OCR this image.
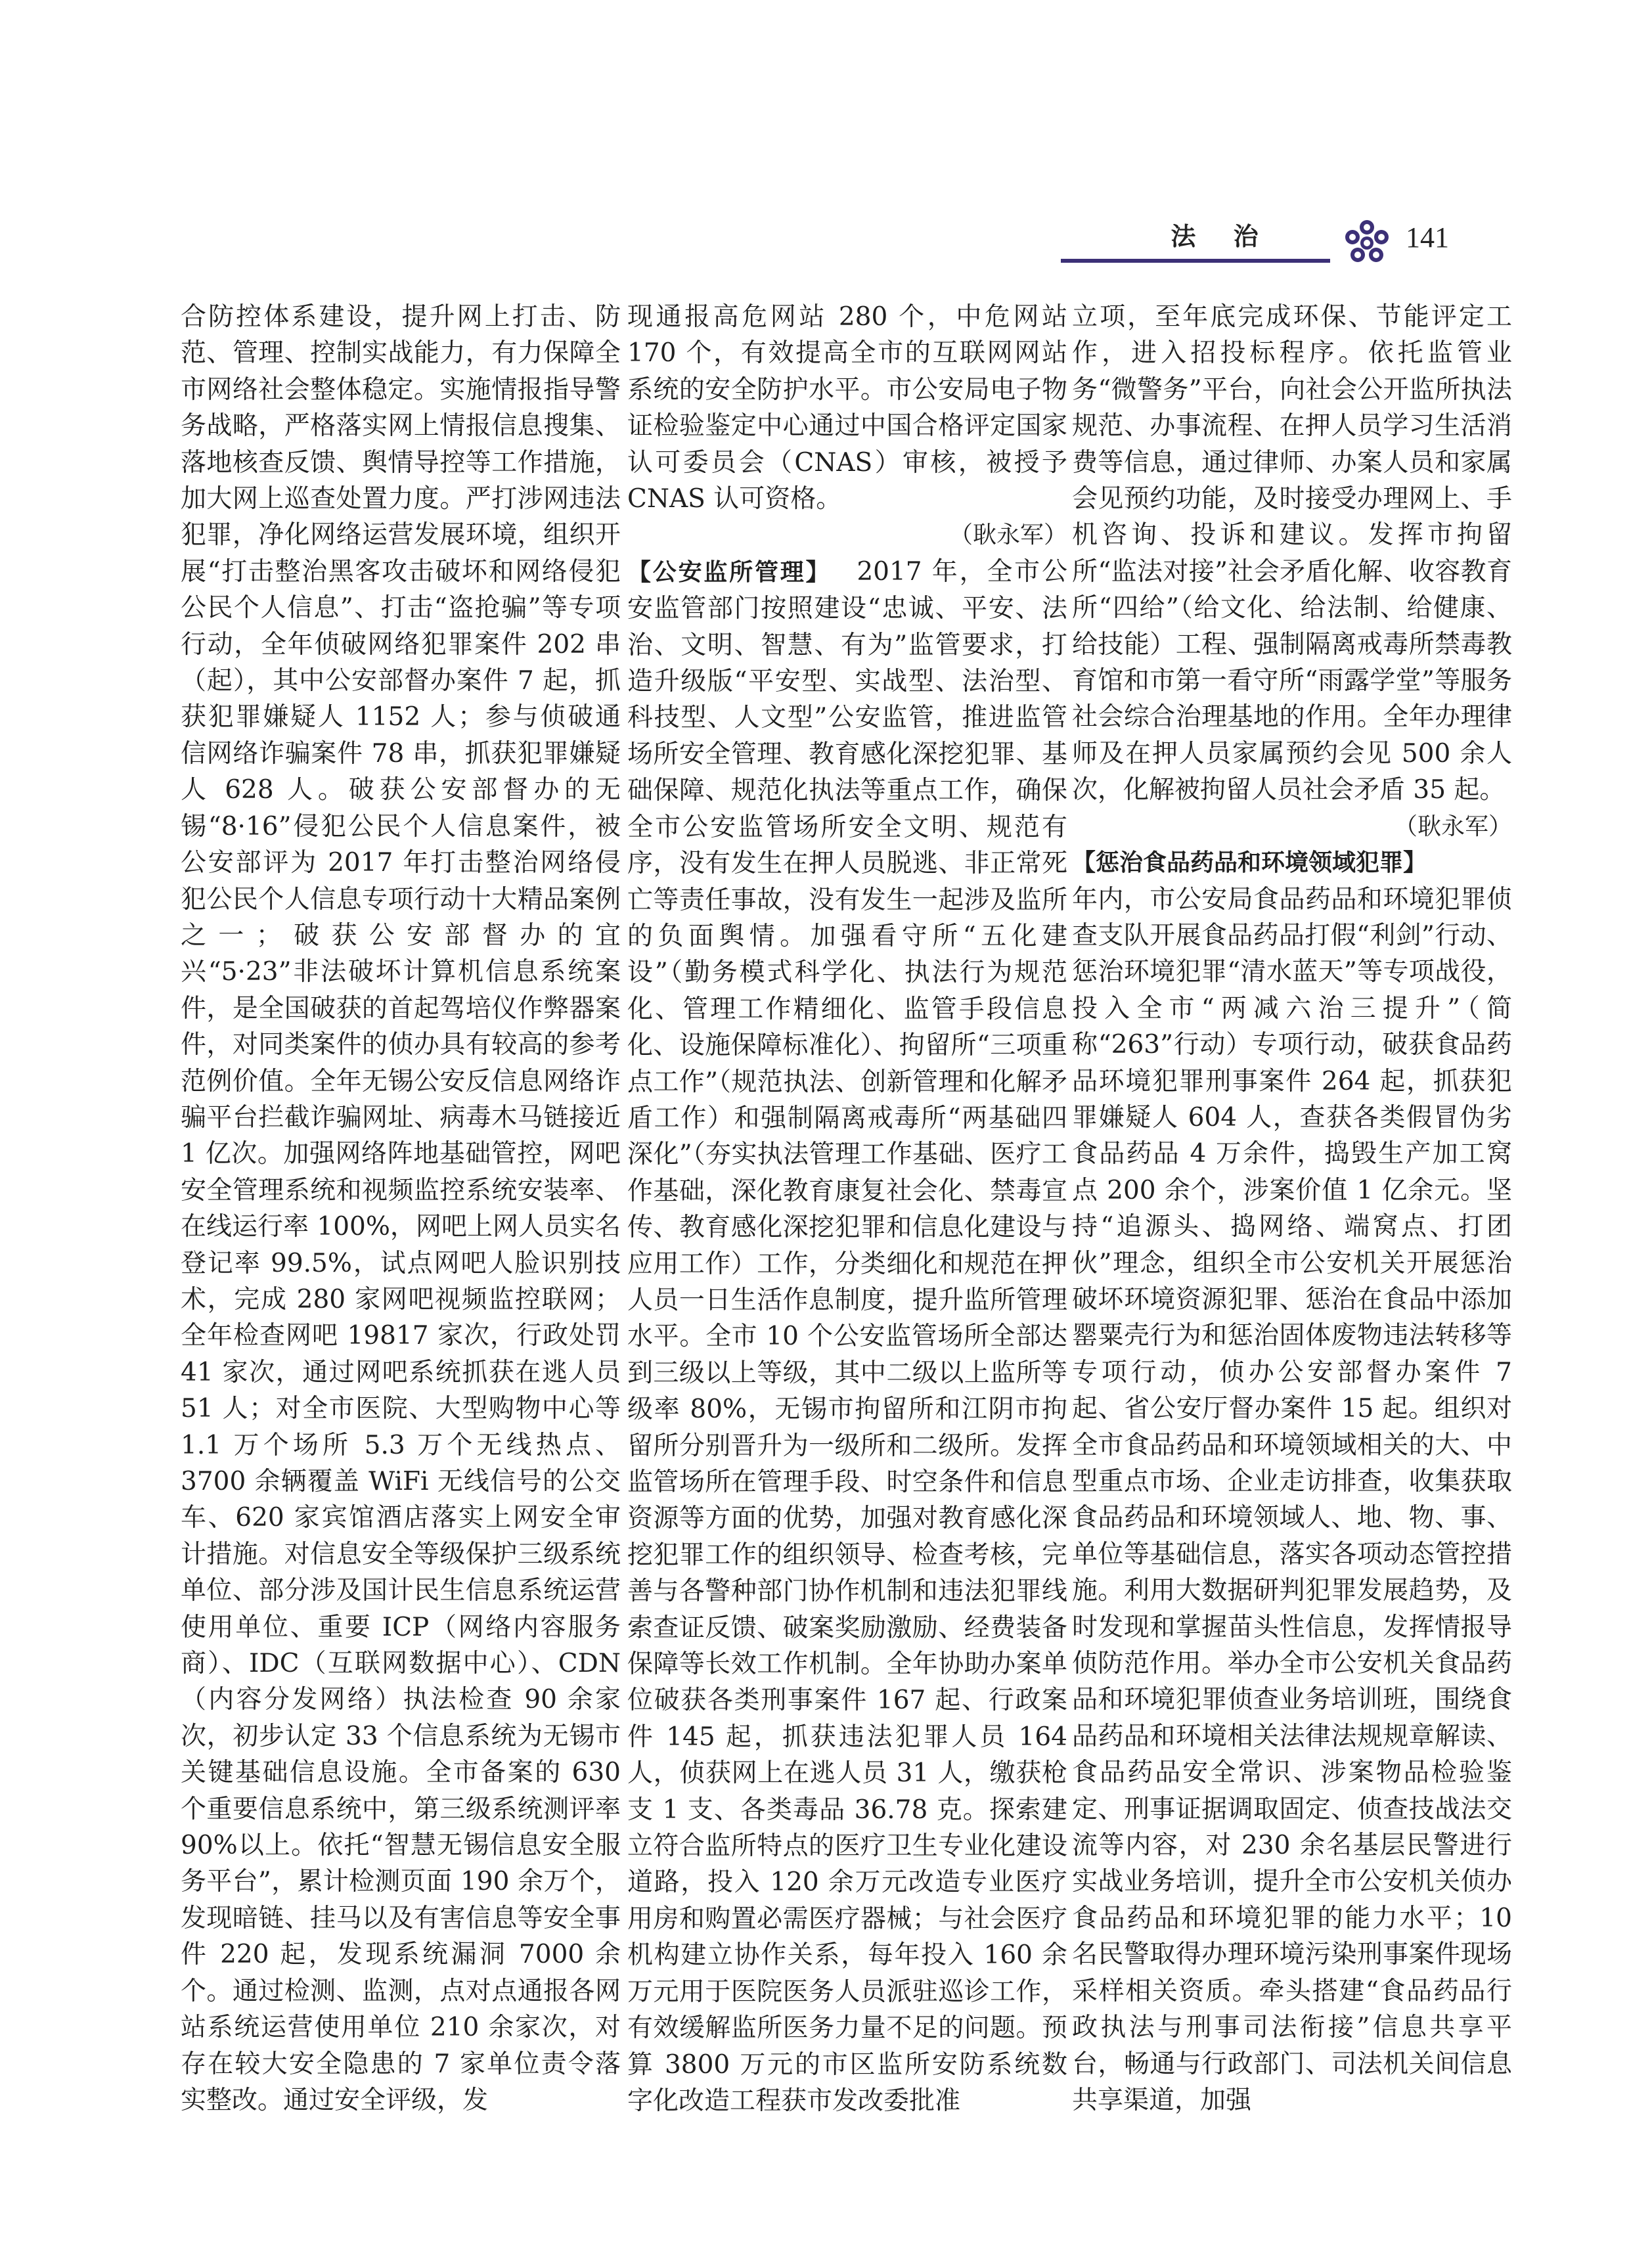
法 治	141

合防控体系建设，提升网上打击、防范、管理、控制实战能力，有力保障全市网络社会整体稳定。实施情报指导警务战略，严格落实网上情报信息搜集、落地核查反馈、舆情导控等工作措施，加大网上巡查处置力度。严打涉网违法犯罪，净化网络运营发展环境，组织开展“打击整治黑客攻击破坏和网络侵犯公民个人信息”、打击“盗抢骗”等专项行动，全年侦破网络犯罪案件 202 串（起），其中公安部督办案件 7 起，抓获犯罪嫌疑人 1152 人；参与侦破通信网络诈骗案件 78 串，抓获犯罪嫌疑人 628 人。破获公安部督办的无锡“8·16”侵犯公民个人信息案件，被公安部评为 2017 年打击整治网络侵犯公民个人信息专项行动十大精品案例之一；破获公安部督办的宜兴“5·23”非法破坏计算机信息系统案件，是全国破获的首起驾培仪作弊器案件，对同类案件的侦办具有较高的参考范例价值。全年无锡公安反信息网络诈骗平台拦截诈骗网址、病毒木马链接近 1 亿次。加强网络阵地基础管控，网吧安全管理系统和视频监控系统安装率、在线运行率 100%，网吧上网人员实名登记率 99.5%，试点网吧人脸识别技术，完成 280 家网吧视频监控联网；全年检查网吧 19817 家次，行政处罚 41 家次，通过网吧系统抓获在逃人员 51 人；对全市医院、大型购物中心等 1.1 万个场所 5.3 万个无线热点、3700 余辆覆盖 WiFi 无线信号的公交车、620 家宾馆酒店落实上网安全审计措施。对信息安全等级保护三级系统单位、部分涉及国计民生信息系统运营使用单位、重要 ICP（网络内容服务商）、IDC（互联网数据中心）、CDN（内容分发网络）执法检查 90 余家次，初步认定 33 个信息系统为无锡市关键基础信息设施。全市备案的 630 个重要信息系统中，第三级系统测评率 90%以上。依托“智慧无锡信息安全服务平台”，累计检测页面 190 余万个，发现暗链、挂马以及有害信息等安全事件 220 起，发现系统漏洞 7000 余个。通过检测、监测，点对点通报各网站系统运营使用单位 210 余家次，对存在较大安全隐患的 7 家单位责令落实整改。通过安全评级，发

现通报高危网站 280 个，中危网站 170 个，有效提高全市的互联网网站系统的安全防护水平。市公安局电子物证检验鉴定中心通过中国合格评定国家认可委员会（CNAS）审核，被授予 CNAS 认可资格。

（耿永军）

【公安监所管理】  2017 年，全市公安监管部门按照建设“忠诚、平安、法治、文明、智慧、有为”监管要求，打造升级版“平安型、实战型、法治型、科技型、人文型”公安监管，推进监管场所安全管理、教育感化深挖犯罪、基础保障、规范化执法等重点工作，确保全市公安监管场所安全文明、规范有序，没有发生在押人员脱逃、非正常死亡等责任事故，没有发生一起涉及监所的负面舆情。加强看守所“五化建设”（勤务模式科学化、执法行为规范化、管理工作精细化、监管手段信息化、设施保障标准化）、拘留所“三项重点工作”（规范执法、创新管理和化解矛盾工作）和强制隔离戒毒所“两基础四深化”（夯实执法管理工作基础、医疗工作基础，深化教育康复社会化、禁毒宣传、教育感化深挖犯罪和信息化建设与应用工作）工作，分类细化和规范在押人员一日生活作息制度，提升监所管理水平。全市 10 个公安监管场所全部达到三级以上等级，其中二级以上监所等级率 80%，无锡市拘留所和江阴市拘留所分别晋升为一级所和二级所。发挥监管场所在管理手段、时空条件和信息资源等方面的优势，加强对教育感化深挖犯罪工作的组织领导、检查考核，完善与各警种部门协作机制和违法犯罪线索查证反馈、破案奖励激励、经费装备保障等长效工作机制。全年协助办案单位破获各类刑事案件 167 起、行政案件 145 起，抓获违法犯罪人员 164 人，侦获网上在逃人员 31 人，缴获枪支 1 支、各类毒品 36.78 克。探索建立符合监所特点的医疗卫生专业化建设道路，投入 120 余万元改造专业医疗用房和购置必需医疗器械；与社会医疗机构建立协作关系，每年投入 160 余万元用于医院医务人员派驻巡诊工作，有效缓解监所医务力量不足的问题。预算 3800 万元的市区监所安防系统数字化改造工程获市发改委批准

立项，至年底完成环保、节能评定工作，进入招投标程序。依托监管业务“微警务”平台，向社会公开监所执法规范、办事流程、在押人员学习生活消费等信息，通过律师、办案人员和家属会见预约功能，及时接受办理网上、手机咨询、投诉和建议。发挥市拘留所“监法对接”社会矛盾化解、收容教育所“四给”（给文化、给法制、给健康、给技能）工程、强制隔离戒毒所禁毒教育馆和市第一看守所“雨露学堂”等服务社会综合治理基地的作用。全年办理律师及在押人员家属预约会见 500 余人次，化解被拘留人员社会矛盾 35 起。

（耿永军）

【惩治食品药品和环境领域犯罪】

年内，市公安局食品药品和环境犯罪侦查支队开展食品药品打假“利剑”行动、惩治环境犯罪“清水蓝天”等专项战役，投入全市“两减六治三提升”（简称“263”行动）专项行动，破获食品药品环境犯罪刑事案件 264 起，抓获犯罪嫌疑人 604 人，查获各类假冒伪劣食品药品 4 万余件，捣毁生产加工窝点 200 余个，涉案价值 1 亿余元。坚持“追源头、捣网络、端窝点、打团伙”理念，组织全市公安机关开展惩治破坏环境资源犯罪、惩治在食品中添加罂粟壳行为和惩治固体废物违法转移等专项行动，侦办公安部督办案件 7 起、省公安厅督办案件 15 起。组织对全市食品药品和环境领域相关的大、中型重点市场、企业走访排查，收集获取食品药品和环境领域人、地、物、事、单位等基础信息，落实各项动态管控措施。利用大数据研判犯罪发展趋势，及时发现和掌握苗头性信息，发挥情报导侦防范作用。举办全市公安机关食品药品和环境犯罪侦查业务培训班，围绕食品药品和环境相关法律法规规章解读、食品药品安全常识、涉案物品检验鉴定、刑事证据调取固定、侦查技战法交流等内容，对 230 余名基层民警进行实战业务培训，提升全市公安机关侦办食品药品和环境犯罪的能力水平；10 名民警取得办理环境污染刑事案件现场采样相关资质。牵头搭建“食品药品行政执法与刑事司法衔接”信息共享平台，畅通与行政部门、司法机关间信息共享渠道，加强
